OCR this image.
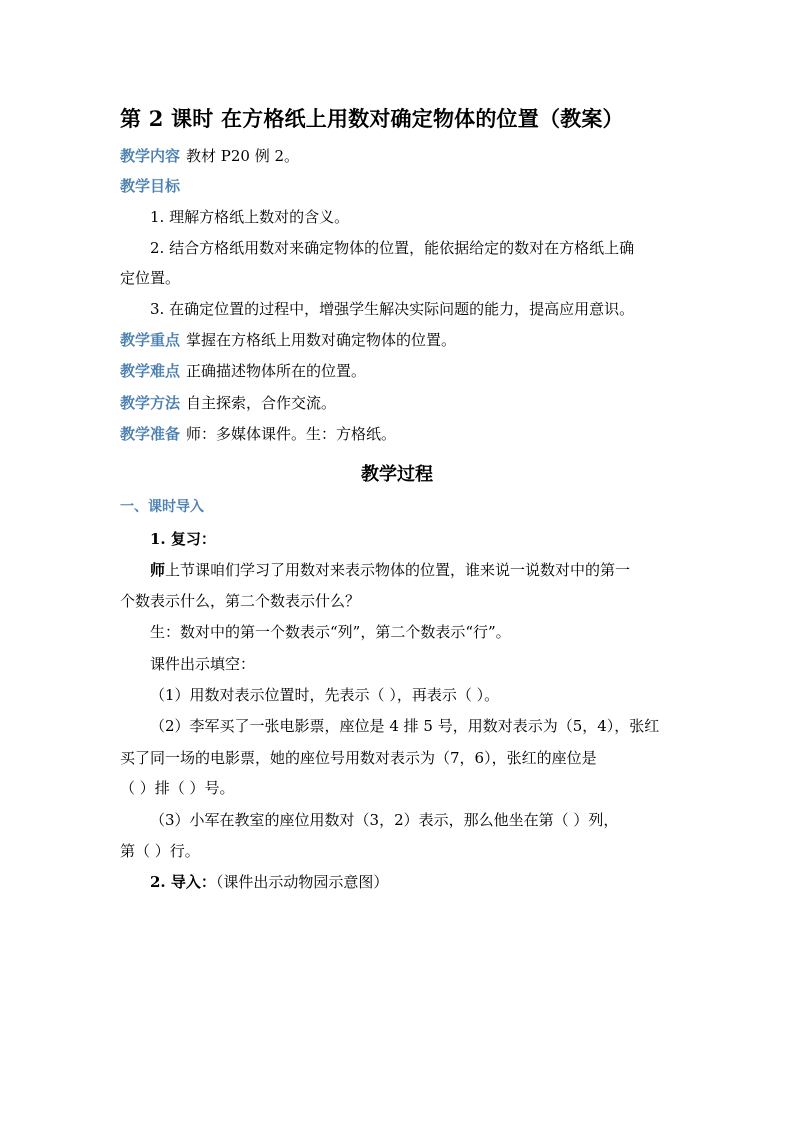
第 2 课时 在方格纸上用数对确定物体的位置（教案）
教学内容 教材 P20 例 2。
教学目标
1. 理解方格纸上数对的含义。
2. 结合方格纸用数对来确定物体的位置，能依据给定的数对在方格纸上确
定位置。
3. 在确定位置的过程中，增强学生解决实际问题的能力，提高应用意识。
教学重点 掌握在方格纸上用数对确定物体的位置。
教学难点 正确描述物体所在的位置。
教学方法 自主探索，合作交流。
教学准备 师：多媒体课件。生：方格纸。
教学过程
一、课时导入
1. 复习：
师上节课咱们学习了用数对来表示物体的位置，谁来说一说数对中的第一
个数表示什么，第二个数表示什么？
生：数对中的第一个数表示“列”，第二个数表示“行”。
课件出示填空：
（1）用数对表示位置时，先表示（ ），再表示（ ）。
（2）李军买了一张电影票，座位是 4 排 5 号，用数对表示为（5，4），张红
买了同一场的电影票，她的座位号用数对表示为（7，6），张红的座位是
（ ）排（ ）号。
（3）小军在教室的座位用数对（3，2）表示，那么他坐在第（ ）列，
第（ ）行。
2. 导入：（课件出示动物园示意图）
